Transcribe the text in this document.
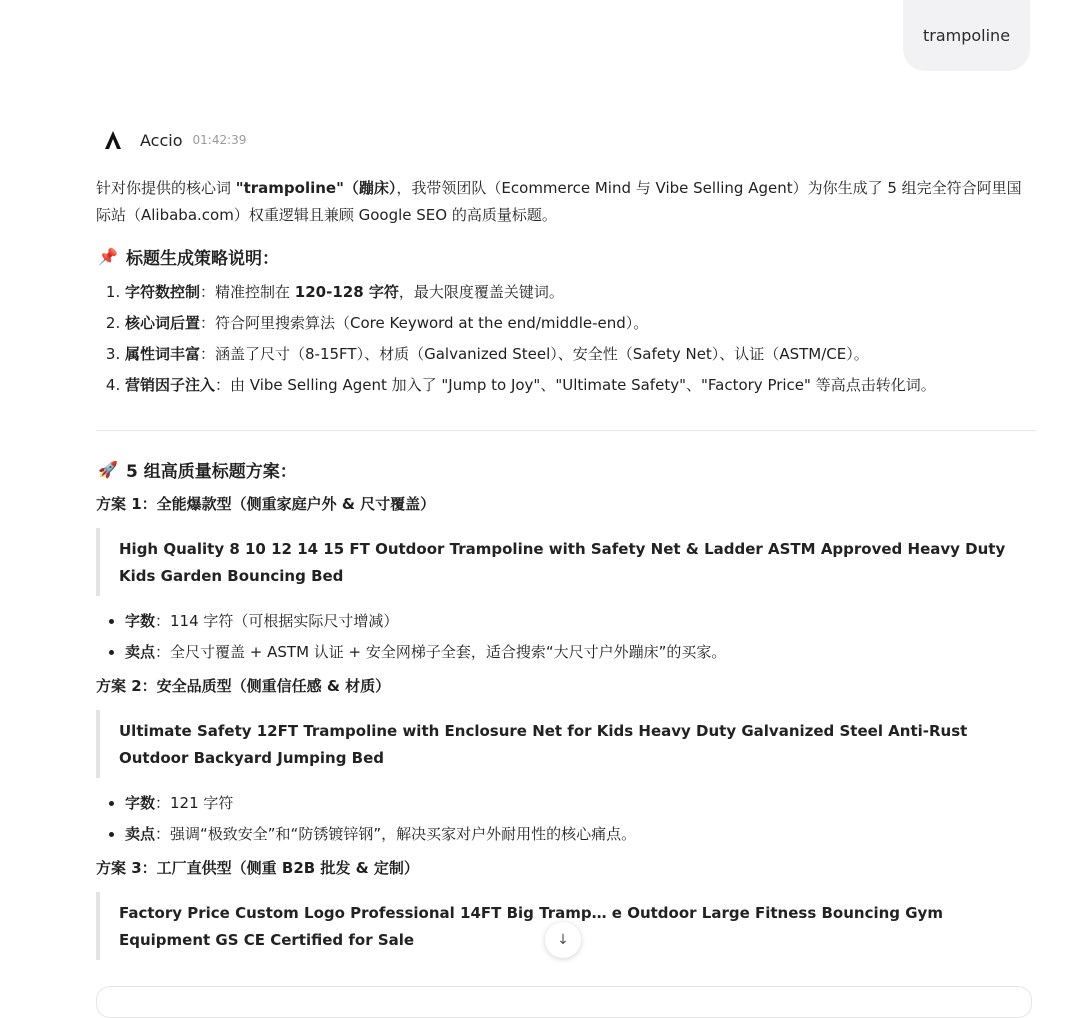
trampoline
Accio 01:42:39

针对你提供的核心词 "trampoline"（蹦床），我带领团队（Ecommerce Mind 与 Vibe Selling Agent）为你生成了 5 组完全符合阿里国际站（Alibaba.com）权重逻辑且兼顾 Google SEO 的高质量标题。

📌 标题生成策略说明：
1. 字符数控制：精准控制在 120-128 字符，最大限度覆盖关键词。
2. 核心词后置：符合阿里搜索算法（Core Keyword at the end/middle-end）。
3. 属性词丰富：涵盖了尺寸（8-15FT）、材质（Galvanized Steel）、安全性（Safety Net）、认证（ASTM/CE）。
4. 营销因子注入：由 Vibe Selling Agent 加入了 "Jump to Joy"、"Ultimate Safety"、"Factory Price" 等高点击转化词。
🚀 5 组高质量标题方案：
方案 1：全能爆款型（侧重家庭户外 & 尺寸覆盖）
High Quality 8 10 12 14 15 FT Outdoor Trampoline with Safety Net & Ladder ASTM Approved Heavy Duty Kids Garden Bouncing Bed
• 字数：114 字符（可根据实际尺寸增减）
• 卖点：全尺寸覆盖 + ASTM 认证 + 安全网梯子全套，适合搜索“大尺寸户外蹦床”的买家。
方案 2：安全品质型（侧重信任感 & 材质）
Ultimate Safety 12FT Trampoline with Enclosure Net for Kids Heavy Duty Galvanized Steel Anti-Rust Outdoor Backyard Jumping Bed
• 字数：121 字符
• 卖点：强调“极致安全”和“防锈镀锌钢”，解决买家对户外耐用性的核心痛点。
方案 3：工厂直供型（侧重 B2B 批发 & 定制）
Factory Price Custom Logo Professional 14FT Big Tramp… e Outdoor Large Fitness Bouncing Gym Equipment GS CE Certified for Sale	↓
